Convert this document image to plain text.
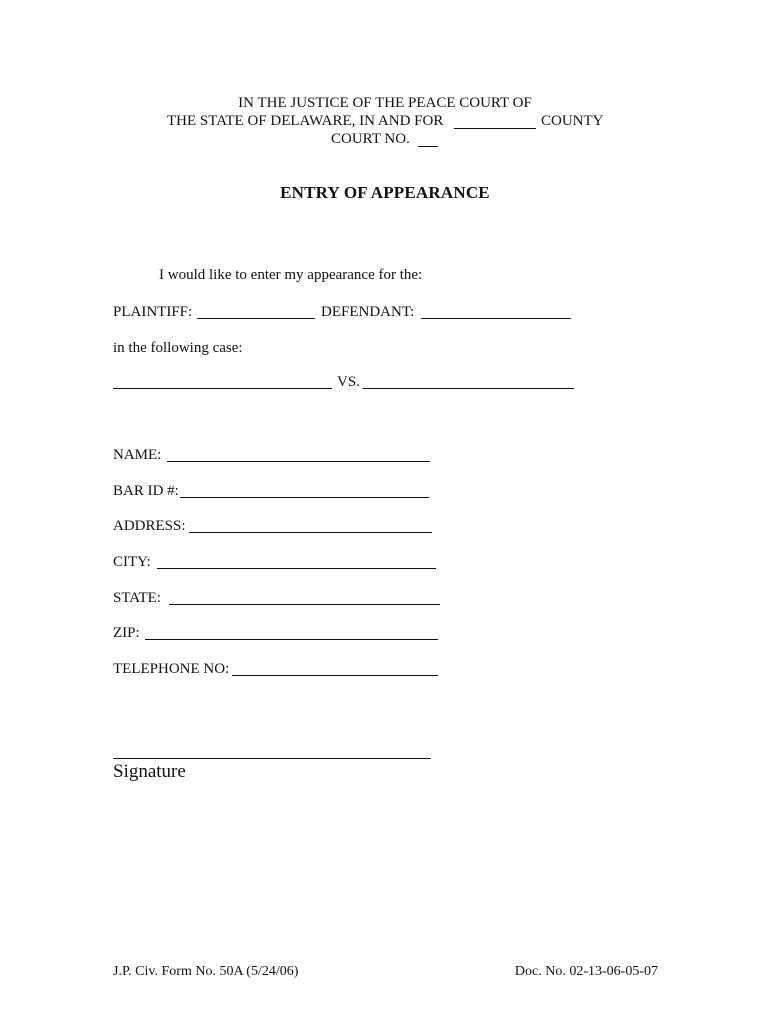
IN THE JUSTICE OF THE PEACE COURT OF
THE STATE OF DELAWARE, IN AND FOR	COUNTY
COURT NO.
ENTRY OF APPEARANCE
I would like to enter my appearance for the:
PLAINTIFF:	DEFENDANT:
in the following case:
VS.
NAME:
BAR ID #:
ADDRESS:
CITY:
STATE:
ZIP:
TELEPHONE NO:
Signature
J.P. Civ. Form No. 50A (5/24/06)	Doc. No. 02-13-06-05-07
